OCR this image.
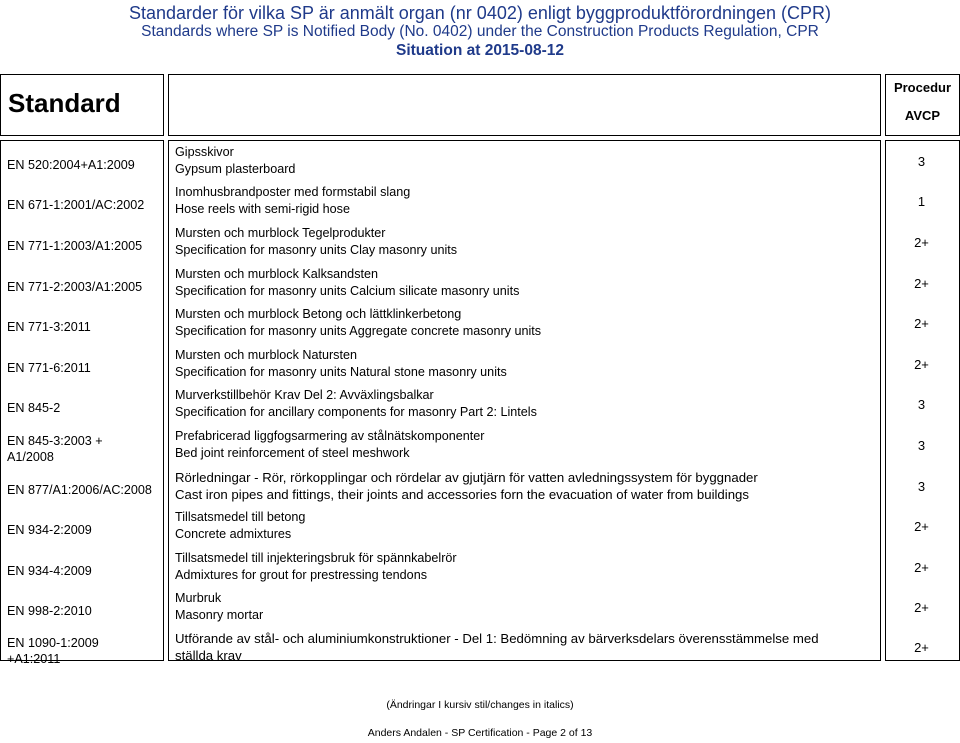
Standarder för vilka SP är anmält organ (nr 0402) enligt byggproduktförordningen (CPR)
Standards where SP is Notified Body (No. 0402) under the Construction Products Regulation, CPR
Situation at 2015-08-12
Standard
Procedur
AVCP
EN 520:2004+A1:2009
EN 671-1:2001/AC:2002
EN 771-1:2003/A1:2005
EN 771-2:2003/A1:2005
EN 771-3:2011
EN 771-6:2011
EN 845-2
EN 845-3:2003 +
A1/2008
EN 877/A1:2006/AC:2008
EN 934-2:2009
EN 934-4:2009
EN 998-2:2010
EN 1090-1:2009
+A1:2011
Gipsskivor
Gypsum plasterboard
Inomhusbrandposter med formstabil slang
Hose reels with semi-rigid hose
Mursten och murblock Tegelprodukter
Specification for masonry units Clay masonry units
Mursten och murblock Kalksandsten
Specification for masonry units Calcium silicate masonry units
Mursten och murblock Betong och lättklinkerbetong
Specification for masonry units Aggregate concrete masonry units
Mursten och murblock Natursten
Specification for masonry units Natural stone masonry units
Murverkstillbehör Krav Del 2: Avväxlingsbalkar
Specification for ancillary components for masonry Part 2: Lintels
Prefabricerad liggfogsarmering av stålnätskomponenter
Bed joint reinforcement of steel meshwork
Rörledningar - Rör, rörkopplingar och rördelar av gjutjärn för vatten avledningssystem för byggnader
Cast iron pipes and fittings, their joints and accessories forn the evacuation of water from buildings
Tillsatsmedel till betong
Concrete admixtures
Tillsatsmedel till injekteringsbruk för spännkabelrör
Admixtures for grout for prestressing tendons
Murbruk
Masonry mortar
Utförande av stål- och aluminiumkonstruktioner - Del 1: Bedömning av bärverksdelars överensstämmelse med
ställda krav
3
1
2+
2+
2+
2+
3
3
3
2+
2+
2+
2+
(Ändringar I kursiv stil/changes in italics)
Anders Andalen - SP Certification - Page 2 of 13
